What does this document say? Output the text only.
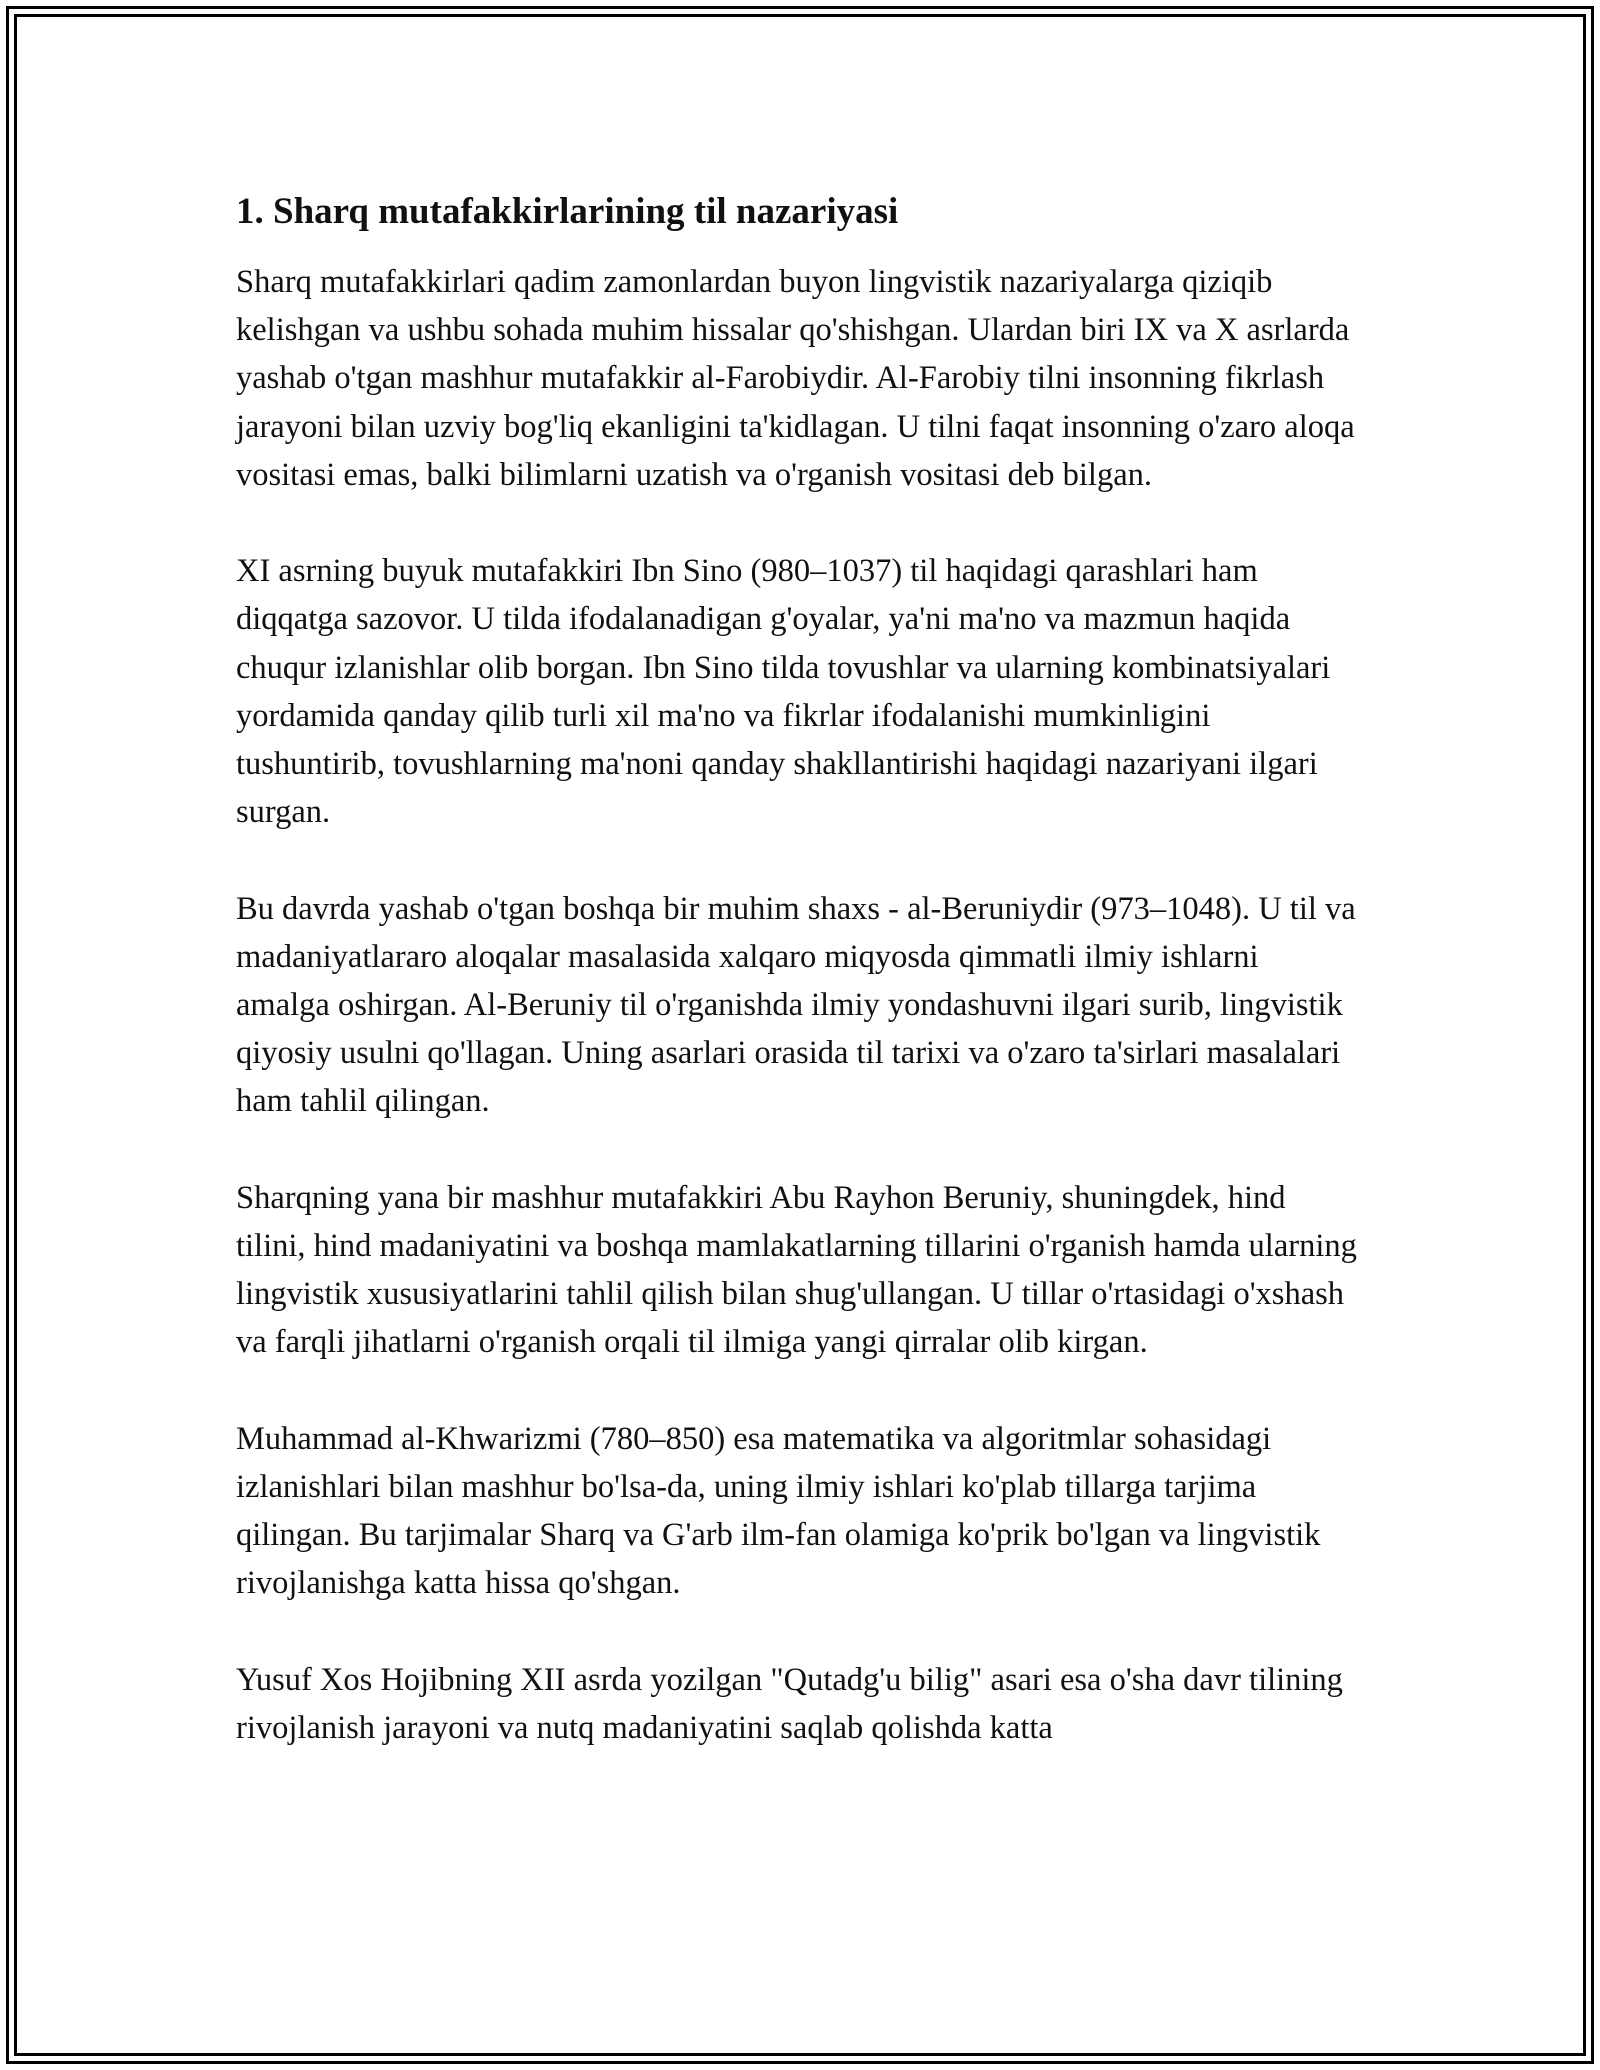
1. Sharq mutafakkirlarining til nazariyasi

Sharq mutafakkirlari qadim zamonlardan buyon lingvistik nazariyalarga qiziqib kelishgan va ushbu sohada muhim hissalar qo'shishgan. Ulardan biri IX va X asrlarda yashab o'tgan mashhur mutafakkir al-Farobiydir. Al-Farobiy tilni insonning fikrlash jarayoni bilan uzviy bog'liq ekanligini ta'kidlagan. U tilni faqat insonning o'zaro aloqa vositasi emas, balki bilimlarni uzatish va o'rganish vositasi deb bilgan.

XI asrning buyuk mutafakkiri Ibn Sino (980–1037) til haqidagi qarashlari ham diqqatga sazovor. U tilda ifodalanadigan g'oyalar, ya'ni ma'no va mazmun haqida chuqur izlanishlar olib borgan. Ibn Sino tilda tovushlar va ularning kombinatsiyalari yordamida qanday qilib turli xil ma'no va fikrlar ifodalanishi mumkinligini tushuntirib, tovushlarning ma'noni qanday shakllantirishi haqidagi nazariyani ilgari surgan.

Bu davrda yashab o'tgan boshqa bir muhim shaxs - al-Beruniydir (973–1048). U til va madaniyatlararo aloqalar masalasida xalqaro miqyosda qimmatli ilmiy ishlarni amalga oshirgan. Al-Beruniy til o'rganishda ilmiy yondashuvni ilgari surib, lingvistik qiyosiy usulni qo'llagan. Uning asarlari orasida til tarixi va o'zaro ta'sirlari masalalari ham tahlil qilingan.

Sharqning yana bir mashhur mutafakkiri Abu Rayhon Beruniy, shuningdek, hind tilini, hind madaniyatini va boshqa mamlakatlarning tillarini o'rganish hamda ularning lingvistik xususiyatlarini tahlil qilish bilan shug'ullangan. U tillar o'rtasidagi o'xshash va farqli jihatlarni o'rganish orqali til ilmiga yangi qirralar olib kirgan.

Muhammad al-Khwarizmi (780–850) esa matematika va algoritmlar sohasidagi izlanishlari bilan mashhur bo'lsa-da, uning ilmiy ishlari ko'plab tillarga tarjima qilingan. Bu tarjimalar Sharq va G'arb ilm-fan olamiga ko'prik bo'lgan va lingvistik rivojlanishga katta hissa qo'shgan.

Yusuf Xos Hojibning XII asrda yozilgan "Qutadg'u bilig" asari esa o'sha davr tilining rivojlanish jarayoni va nutq madaniyatini saqlab qolishda katta
